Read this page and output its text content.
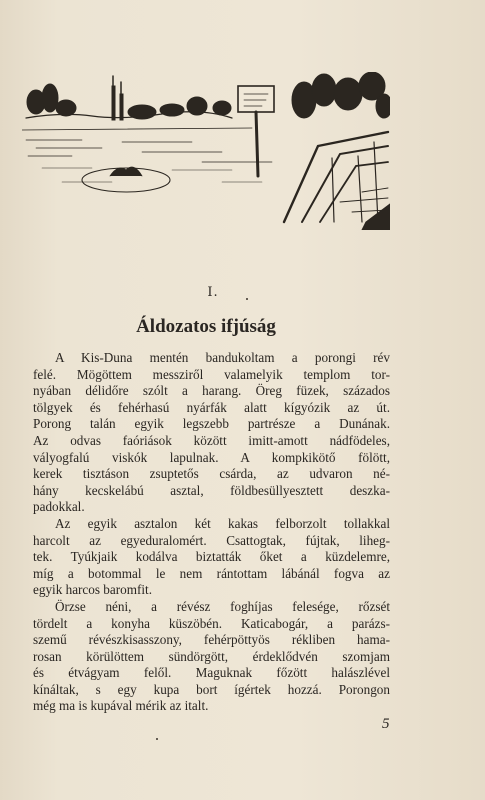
I.
Áldozatos ifjúság

A Kis-Duna mentén bandukoltam a porongi rév
felé. Mögöttem messziről valamelyik templom tor-
nyában délidőre szólt a harang. Öreg füzek, százados
tölgyek és fehérhasú nyárfák alatt kígyózik az út.
Porong talán egyik legszebb partrésze a Dunának.
Az odvas faóriások között imitt-amott nádfödeles,
vályogfalú viskók lapulnak. A kompkikötő fölött,
kerek tisztáson zsuptetős csárda, az udvaron né-
hány kecskelábú asztal, földbesüllyesztett deszka-
padokkal.

Az egyik asztalon két kakas felborzolt tollakkal
harcolt az egyeduralomért. Csattogtak, fújtak, liheg-
tek. Tyúkjaik kodálva biztatták őket a küzdelemre,
míg a botommal le nem rántottam lábánál fogva az
egyik harcos baromfit.

Örzse néni, a révész foghíjas felesége, rőzsét
tördelt a konyha küszöbén. Katicabogár, a parázs-
szemű révészkisasszony, fehérpöttyös rékliben hama-
rosan körülöttem sündörgött, érdeklődvén szomjam
és étvágyam felől. Maguknak főzött halászlével
kínáltak, s egy kupa bort ígértek hozzá. Porongon
még ma is kupával mérik az italt.

5
